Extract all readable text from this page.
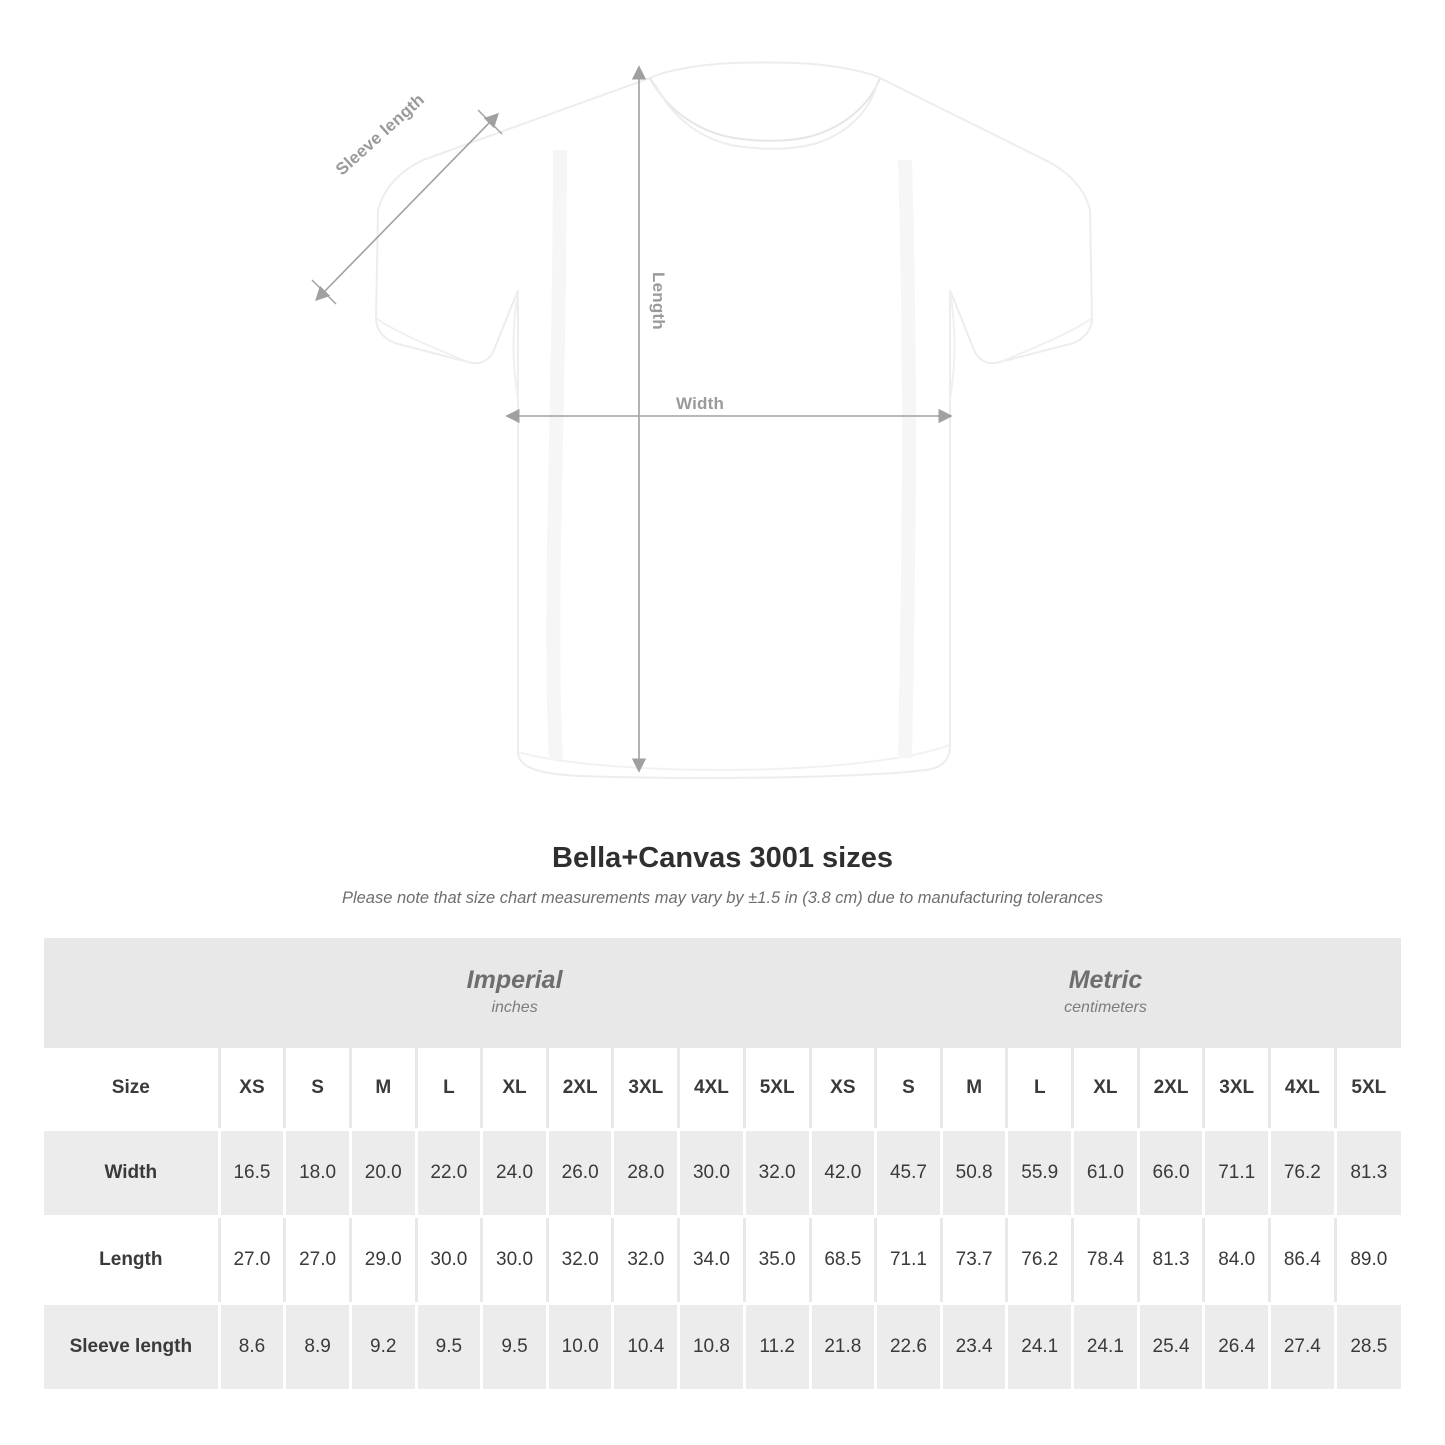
Sleeve length
Length
Width
Bella+Canvas 3001 sizes

Please note that size chart measurements may vary by ±1.5 in (3.8 cm) due to manufacturing tolerances

Imperial
inches

Metric
centimeters

Size	XS	S	M	L	XL	2XL	3XL	4XL	5XL	XS	S	M	L	XL	2XL	3XL	4XL	5XL

Width	16.5	18.0	20.0	22.0	24.0	26.0	28.0	30.0	32.0	42.0	45.7	50.8	55.9	61.0	66.0	71.1	76.2	81.3

Length	27.0	27.0	29.0	30.0	30.0	32.0	32.0	34.0	35.0	68.5	71.1	73.7	76.2	78.4	81.3	84.0	86.4	89.0

Sleeve length	8.6	8.9	9.2	9.5	9.5	10.0	10.4	10.8	11.2	21.8	22.6	23.4	24.1	24.1	25.4	26.4	27.4	28.5
